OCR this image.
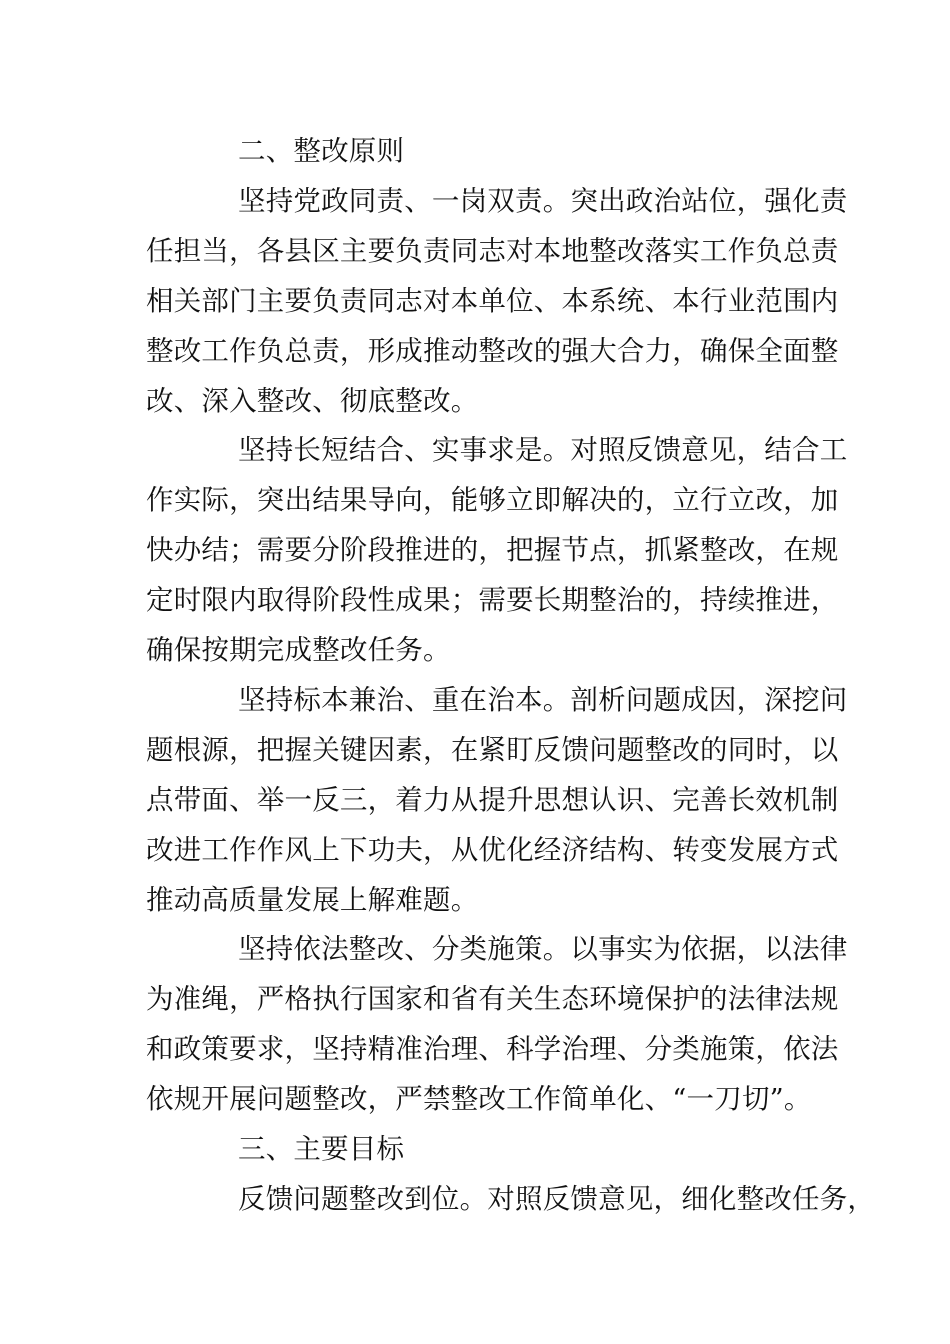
二、整改原则
坚持党政同责、一岗双责。突出政治站位，强化责
任担当，各县区主要负责同志对本地整改落实工作负总责
相关部门主要负责同志对本单位、本系统、本行业范围内
整改工作负总责，形成推动整改的强大合力，确保全面整
改、深入整改、彻底整改。
坚持长短结合、实事求是。对照反馈意见，结合工
作实际，突出结果导向，能够立即解决的，立行立改，加
快办结；需要分阶段推进的，把握节点，抓紧整改，在规
定时限内取得阶段性成果；需要长期整治的，持续推进，
确保按期完成整改任务。
坚持标本兼治、重在治本。剖析问题成因，深挖问
题根源，把握关键因素，在紧盯反馈问题整改的同时，以
点带面、举一反三，着力从提升思想认识、完善长效机制
改进工作作风上下功夫，从优化经济结构、转变发展方式
推动高质量发展上解难题。
坚持依法整改、分类施策。以事实为依据，以法律
为准绳，严格执行国家和省有关生态环境保护的法律法规
和政策要求，坚持精准治理、科学治理、分类施策，依法
依规开展问题整改，严禁整改工作简单化、“一刀切”。
三、主要目标
反馈问题整改到位。对照反馈意见，细化整改任务，
